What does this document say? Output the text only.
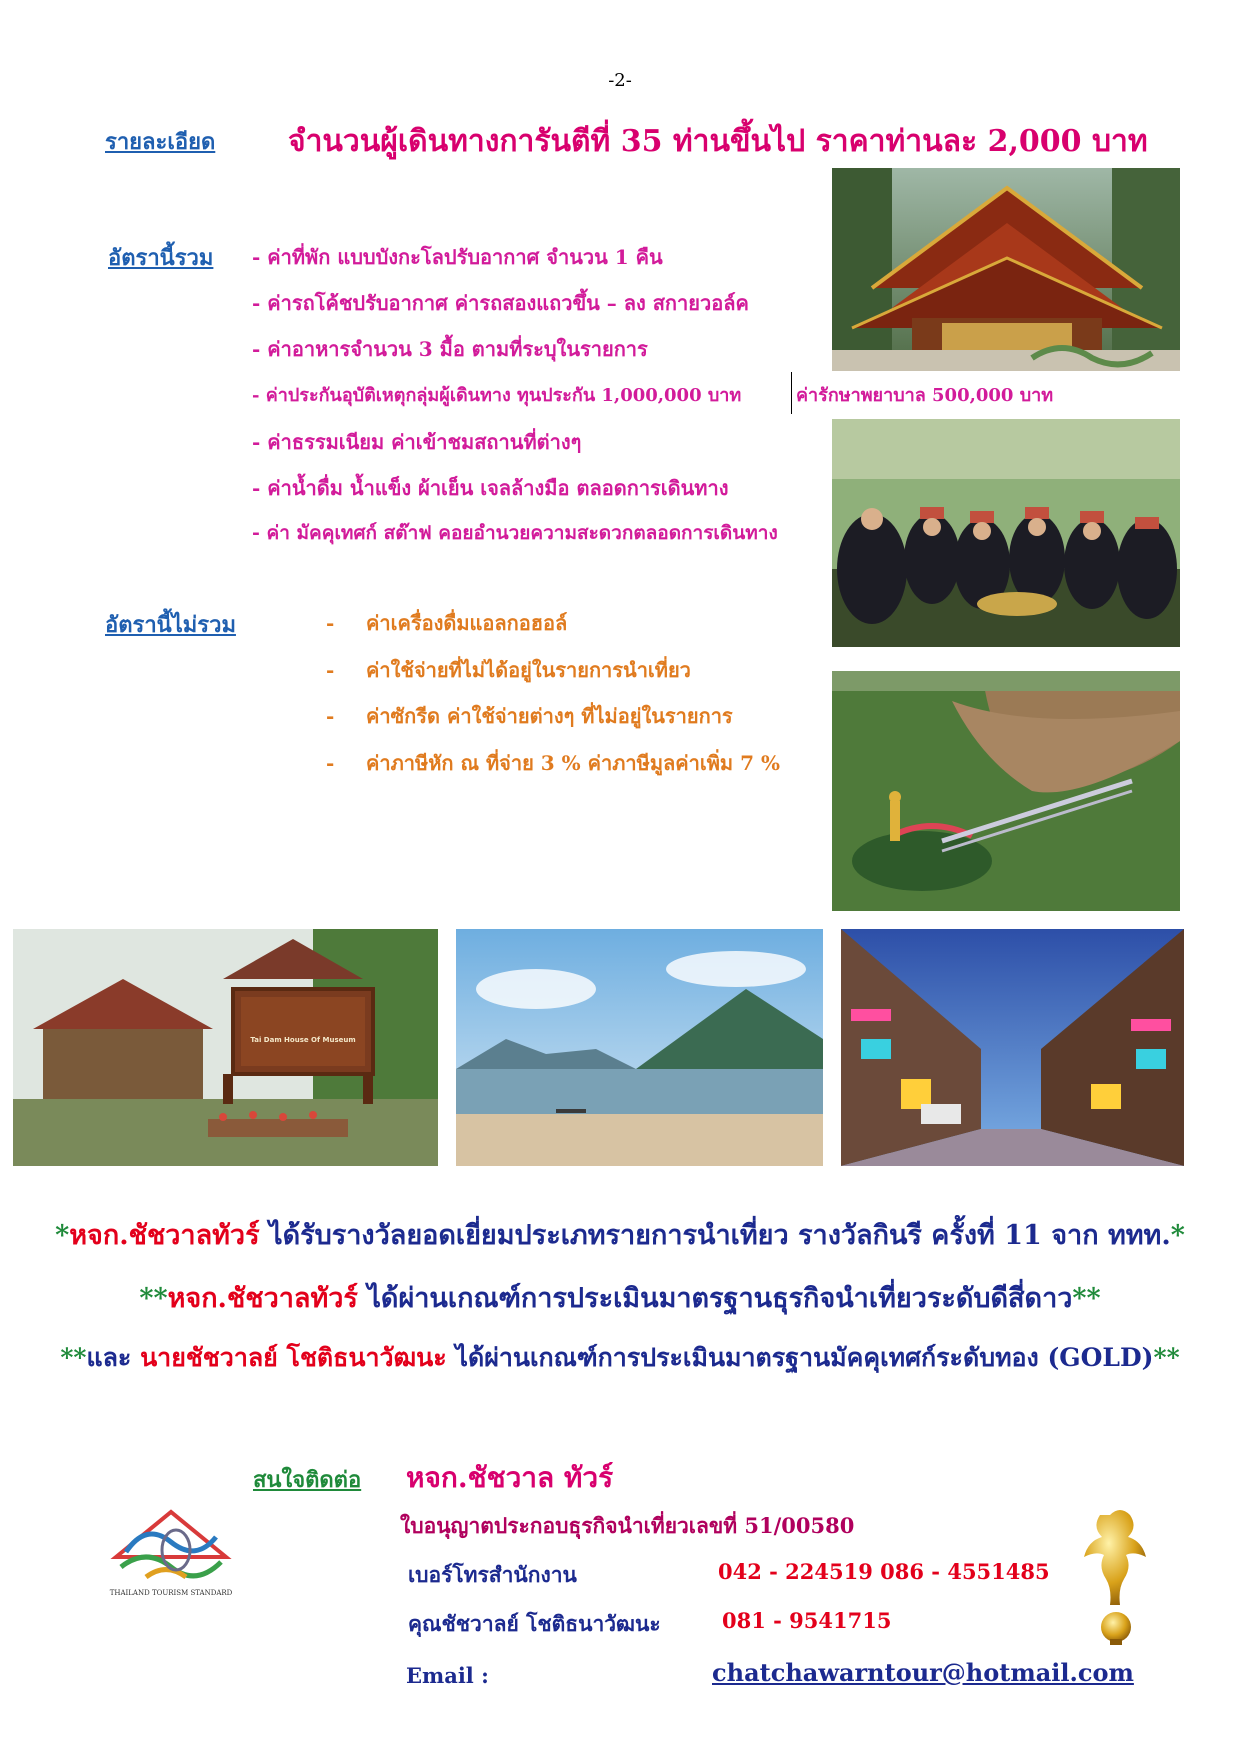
-2-
รายละเอียด จำนวนผู้เดินทางการันตีที่ 35 ท่านขึ้นไป ราคาท่านละ 2,000 บาท
อัตรานี้รวม - ค่าที่พัก แบบบังกะโลปรับอากาศ จำนวน 1 คืน
- ค่ารถโค้ชปรับอากาศ ค่ารถสองแถวขึ้น – ลง สกายวอล์ค
- ค่าอาหารจำนวน 3 มื้อ ตามที่ระบุในรายการ
- ค่าประกันอุบัติเหตุกลุ่มผู้เดินทาง ทุนประกัน 1,000,000 บาท	ค่ารักษาพยาบาล 500,000 บาท
- ค่าธรรมเนียม ค่าเข้าชมสถานที่ต่างๆ
- ค่าน้ำดื่ม น้ำแข็ง ผ้าเย็น เจลล้างมือ ตลอดการเดินทาง
- ค่า มัคคุเทศก์ สต๊าฟ คอยอำนวยความสะดวกตลอดการเดินทาง
อัตรานี้ไม่รวม	- ค่าเครื่องดื่มแอลกอฮอล์
- ค่าใช้จ่ายที่ไม่ได้อยู่ในรายการนำเที่ยว
- ค่าซักรีด ค่าใช้จ่ายต่างๆ ที่ไม่อยู่ในรายการ
- ค่าภาษีหัก ณ ที่จ่าย 3 % ค่าภาษีมูลค่าเพิ่ม 7 %
Tai Dam House Of Museum
*หจก.ชัชวาลทัวร์ ได้รับรางวัลยอดเยี่ยมประเภทรายการนำเที่ยว รางวัลกินรี ครั้งที่ 11 จาก ททท.*
**หจก.ชัชวาลทัวร์ ได้ผ่านเกณฑ์การประเมินมาตรฐานธุรกิจนำเที่ยวระดับดีสี่ดาว**
**และ นายชัชวาลย์ โชติธนาวัฒนะ ได้ผ่านเกณฑ์การประเมินมาตรฐานมัคคุเทศก์ระดับทอง (GOLD)**
สนใจติดต่อ หจก.ชัชวาล ทัวร์
ใบอนุญาตประกอบธุรกิจนำเที่ยวเลขที่ 51/00580
เบอร์โทรสำนักงาน	042 - 224519 086 - 4551485
คุณชัชวาลย์ โชติธนาวัฒนะ	081 - 9541715
Email :	chatchawarntour@hotmail.com
THAILAND TOURISM STANDARD
